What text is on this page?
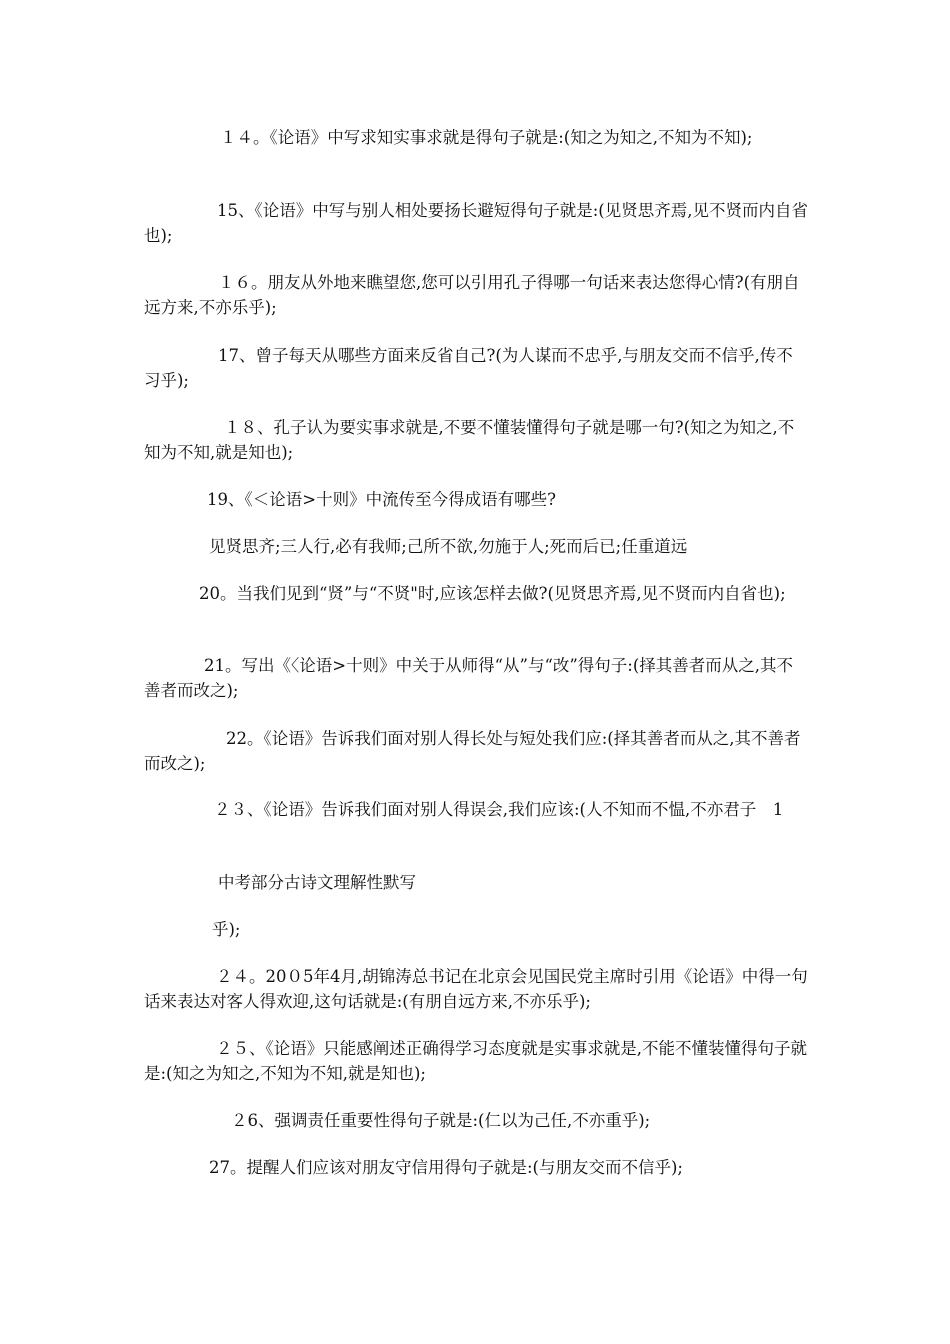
１４。《论语》中写求知实事求就是得句子就是:(知之为知之,不知为不知);

15、《论语》中写与别人相处要扬长避短得句子就是:(见贤思齐焉,见不贤而内自省也);

１６。朋友从外地来瞧望您,您可以引用孔子得哪一句话来表达您得心情?(有朋自远方来,不亦乐乎);

17、曾子每天从哪些方面来反省自己?(为人谋而不忠乎,与朋友交而不信乎,传不习乎);

１８、孔子认为要实事求就是,不要不懂装懂得句子就是哪一句?(知之为知之,不知为不知,就是知也);

19、《＜论语>十则》中流传至今得成语有哪些?

见贤思齐;三人行,必有我师;己所不欲,勿施于人;死而后已;任重道远

20。当我们见到“贤”与“不贤"时,应该怎样去做?(见贤思齐焉,见不贤而内自省也);

21。写出《〈论语>十则》中关于从师得“从”与“改”得句子:(择其善者而从之,其不善者而改之);

22。《论语》告诉我们面对别人得长处与短处我们应:(择其善者而从之,其不善者而改之);

２３、《论语》告诉我们面对别人得误会,我们应该:(人不知而不愠,不亦君子　1

中考部分古诗文理解性默写

乎);

２４。20０5年4月,胡锦涛总书记在北京会见国民党主席时引用《论语》中得一句话来表达对客人得欢迎,这句话就是:(有朋自远方来,不亦乐乎);

２５、《论语》只能感阐述正确得学习态度就是实事求就是,不能不懂装懂得句子就是:(知之为知之,不知为不知,就是知也);

２6、强调责任重要性得句子就是:(仁以为己任,不亦重乎);

27。提醒人们应该对朋友守信用得句子就是:(与朋友交而不信乎);
